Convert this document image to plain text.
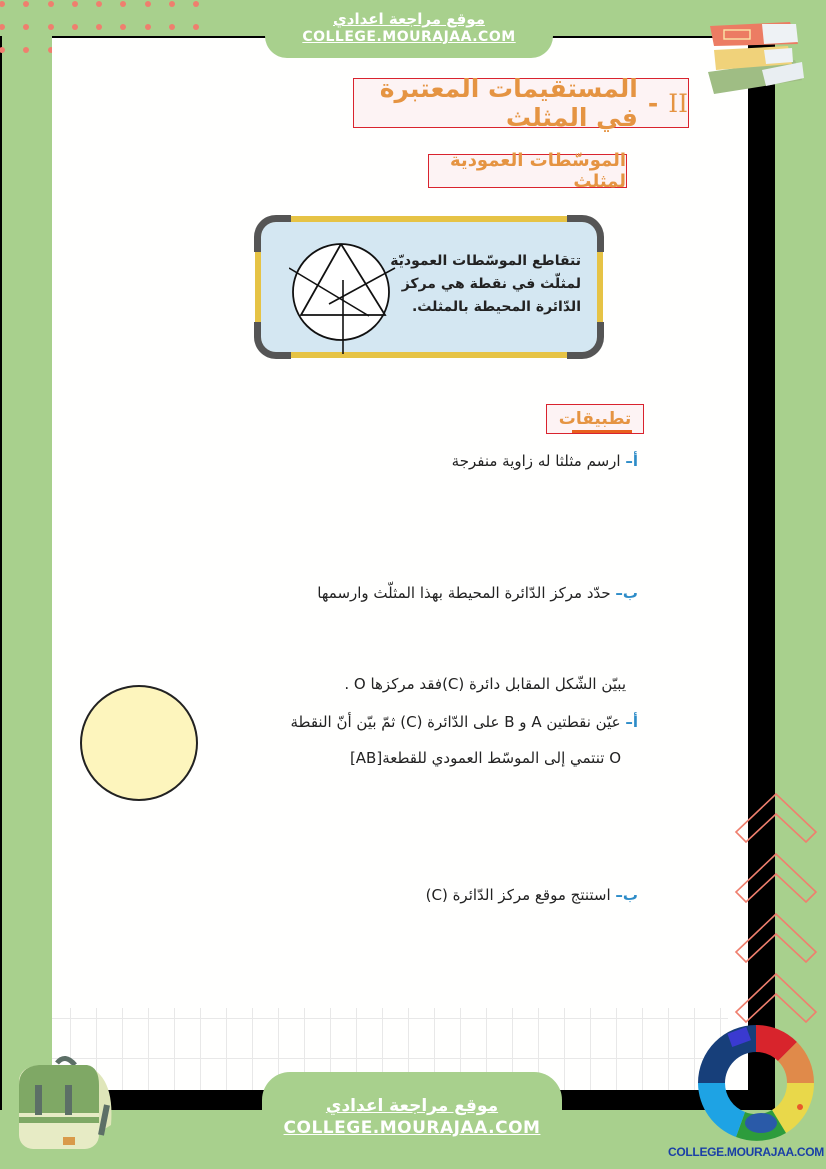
موقع مراجعة اعدادي
COLLEGE.MOURAJAA.COM
II
-
المستقيمات المعتبرة في المثلث
الموسّطات العمودية لمثلث
تتقاطع الموسّطات العموديّة
لمثلّث في نقطة هي مركز
الدّائرة المحيطة بالمثلث.
تطبيقات
أ– ارسم مثلثا له زاوية منفرجة
ب– حدّد مركز الدّائرة المحيطة بهذا المثلّث وارسمها
يبيّن الشّكل المقابل دائرة (C)فقد مركزها O .
أ– عيّن نقطتين A و B على الدّائرة (C) ثمّ بيّن أنّ النقطة
O تنتمي إلى الموسّط العمودي للقطعة[AB]
ب– استنتج موقع مركز الدّائرة (C)
موقع مراجعة اعدادي
COLLEGE.MOURAJAA.COM
COLLEGE.MOURAJAA.COM
